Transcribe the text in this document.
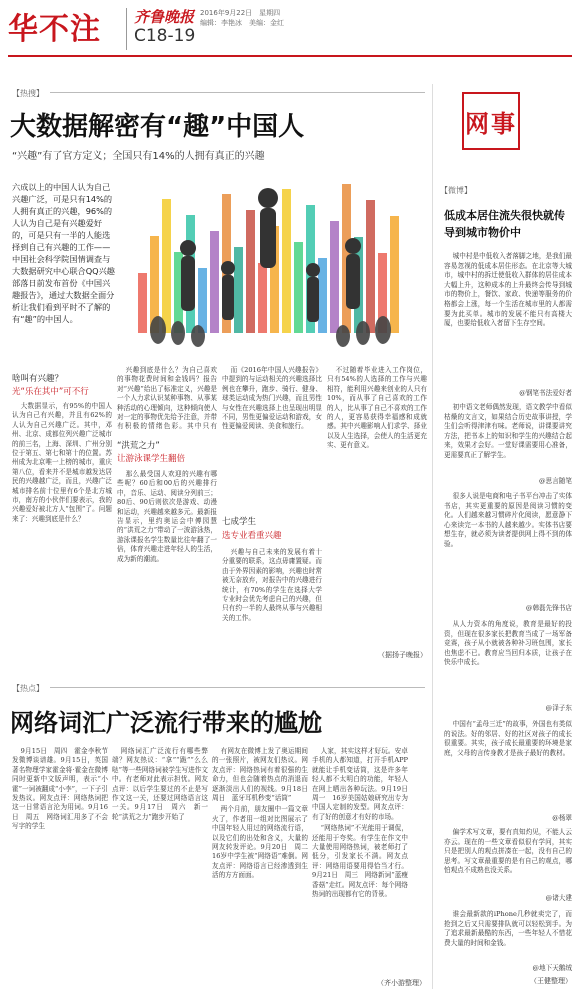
华不注 齐鲁晚报 2016年9月22日　星期四
编辑：李艳冰　美编：金红
C18-19
【热搜】
大数据解密有“趣”中国人
“兴趣”有了官方定义；全国只有14%的人拥有真正的兴趣
六成以上的中国人认为自己兴趣广泛，可是只有14%的人拥有真正的兴趣，96%的人认为自己是有兴趣爱好的，可是只有一半的人能选择到自己有兴趣的工作——中国社会科学院国情调查与大数据研究中心联合QQ兴趣部落日前发布首份《中国兴趣报告》，通过大数据全面分析让我们看到平时不了解的有“趣”的中国人。
啥叫有兴趣？
光“乐在其中”可不行
大数据显示，有95%的中国人认为自己有兴趣，并且有62%的人认为自己兴趣广泛。其中，邓州、北京、成都位列兴趣广泛城市的前三名，上海、深圳、广州分别位于第五、第七和第十的位置。苏州成为北京唯一上榜的城市，重庆第八位，看来并不是城市越发达居民的兴趣越广泛，而且，兴趣广泛城市排名前十位里有6个是北方城市，南方的小伙伴们要表示，我的兴趣爱好被北方人“包围”了。问题来了：兴趣到底是什么？
兴趣到底是什么？为自己喜欢的事物花费时间和金钱吗？报告对“兴趣”给出了标准定义，兴趣是一个人力求认识某种事物、从事某种活动的心理倾向，这种倾向使人对一定的事物优先给予注意，并带有积极的情绪色彩。其中只有
“洪荒之力”
让游泳课学生翻倍
那么最受国人欢迎的兴趣有哪些呢？60后和00后的兴趣排行中，音乐、运动、阅读分列前三；80后、90后则依次是游戏、动漫和运动，兴趣越来越多元。最新报告显示，里约奥运会中傅园慧的“洪荒之力”带动了一波游泳热，游泳课报名学生数量比往年翻了一倍，体育兴趣走进年轻人的生活，成为新的潮流。
而《2016年中国人兴趣报告》中提到的与运动相关的兴趣选择比例也在攀升，跑步、骑行、健身、球类运动成为热门兴趣，而且男性与女性在兴趣选择上也呈现出明显不同，男性更偏爱运动和游戏，女性更偏爱阅读、美食和旅行。
七成学生
选专业看重兴趣
兴趣与自己未来的发展有着十分重要的联系，这点毋庸置疑。而由于外界因素的影响，兴趣也时常被无奈放弃，对报告中的兴趣进行统计，有70%的学生在选择大学专业时会优先考虑自己的兴趣，但只有约一半的人最终从事与兴趣相关的工作。
不过随着毕业进入工作岗位，只有54%的人选择的工作与兴趣相符，能利用兴趣来创业的人只有10%，而从事了自己喜欢的工作的人，比从事了自己不喜欢的工作的人，更容易获得幸福感和成就感。其中兴趣影响人们求学、择业以及人生选择，会使人的生活更充实、更有意义。
（据扬子晚报）
【热点】
网络词汇广泛流行带来的尴尬
9月15日　周四　霍金李秋节发微博谈谱雄。9月15日，英国著名物理学家霍金将·霍金在微博同时更新中文版声明，表示“小霍”一词被翻成“小李”，一下子引发热议。网友点评：网络热词把这一日常语言沦为用词。9月16日　周五　网络词汇用多了不会写字的学生
网络词汇广泛流行有哪些弊端？网友热议：“拿”“跪”“么么哒”等一些网络词被学生写进作文中。有老师对此表示担忧。网友点评：以后学生要过的不止是写作文这一关，还要过网络语言这一关。9月17日　周六　新一轮“洪荒之力”跑步开始了
有网友在微博上发了奥运期间的一张照片，被网友们热议。网友点评：网络热词有着很强的生命力，但也会随着热点的消退而逐渐淡出人们的视线。9月18日　周日　蓝牙耳机秒变“话筒”
两个月前，朋友圈中一篇文章火了，作者用一组对比图展示了中国年轻人用过的网络流行语，以及它们的出处和含义，大量的网友转发评论。9月20日　周二　16岁中学生被“网络语”难倒。网友点评：网络语言已经渗透到生活的方方面面。
人家，其实这样才好玩。安卓手机的人都知道，打开手机APP就能让手机变话筒，这是许多年轻人都不太明白的功能，年轻人在网上晒出各种玩法。9月19日　周一　16岁美国姑娘研究出专为中国人定制的发型。网友点评：有了好的创意才有好的市场。
“网络热词”不光能用于调侃，还能用于夸奖。有学生在作文中大量使用网络热词，被老师打了低分，引发家长不满。网友点评：网络用语要用得恰当才行。9月21日　周三　网络新词“蓝瘦香菇”走红。网友点评：每个网络热词的出现都有它的背景。
（齐小游整理）
网事
【微博】
低成本居住流失很快就传导到城市物价中
城中村是中低收入者落脚之地，是我们最容易忽视的低成本居住形态。在北京等大城市，城中村的拆迁使低收入群体的居住成本大幅上升，这种成本的上升最终会传导到城市的物价上，餐饮、家政、快递等服务的价格都会上涨，每一个生活在城市里的人都需要为此买单。城市的发展不能只有高楼大厦，也要给低收入者留下生存空间。
@钢笔书法爱好者
初中语文老师偶然发现，语文教学中看似枯燥的文言文，如果结合历史故事讲授，学生们会听得津津有味。老师说，讲课要讲究方法，把书本上的知识和学生的兴趣结合起来，效果才会好。一堂好课需要用心准备，更需要真正了解学生。
@思言随笔
很多人说是电商和电子书平台冲击了实体书店，其实更重要的原因是阅读习惯的变化。人们越来越习惯碎片化阅读，愿意静下心来读完一本书的人越来越少。实体书店要想生存，就必须为读者提供网上得不到的体验。
@韩磊先锋书店
从人力资本的角度说，教育是最好的投资，但现在很多家长把教育当成了一场军备竞赛，孩子从小就被各种补习班包围，家长也焦虑不已。教育应当回归本质，让孩子在快乐中成长。
@泽子东
中国有“孟母三迁”的故事，外国也有类似的说法。好的邻居、好的社区对孩子的成长很重要。其实，孩子成长最重要的环境是家庭，父母的言传身教才是孩子最好的教材。
@杨翠
偏学术写文章，要有真知灼见，不能人云亦云。现在的一些文章看似很有学问，其实只是把别人的观点拼凑在一起，没有自己的思考。写文章最重要的是有自己的观点，哪怕观点不成熟也没关系。
@诸大建
谁会最新款的iPhone几秒就卖完了，而抢到之后又只需要排队就可以轻松到手。为了追求最新最酷的东西，一些年轻人不惜花费大量的时间和金钱。
@地下天鹅绒
（王健整理）
